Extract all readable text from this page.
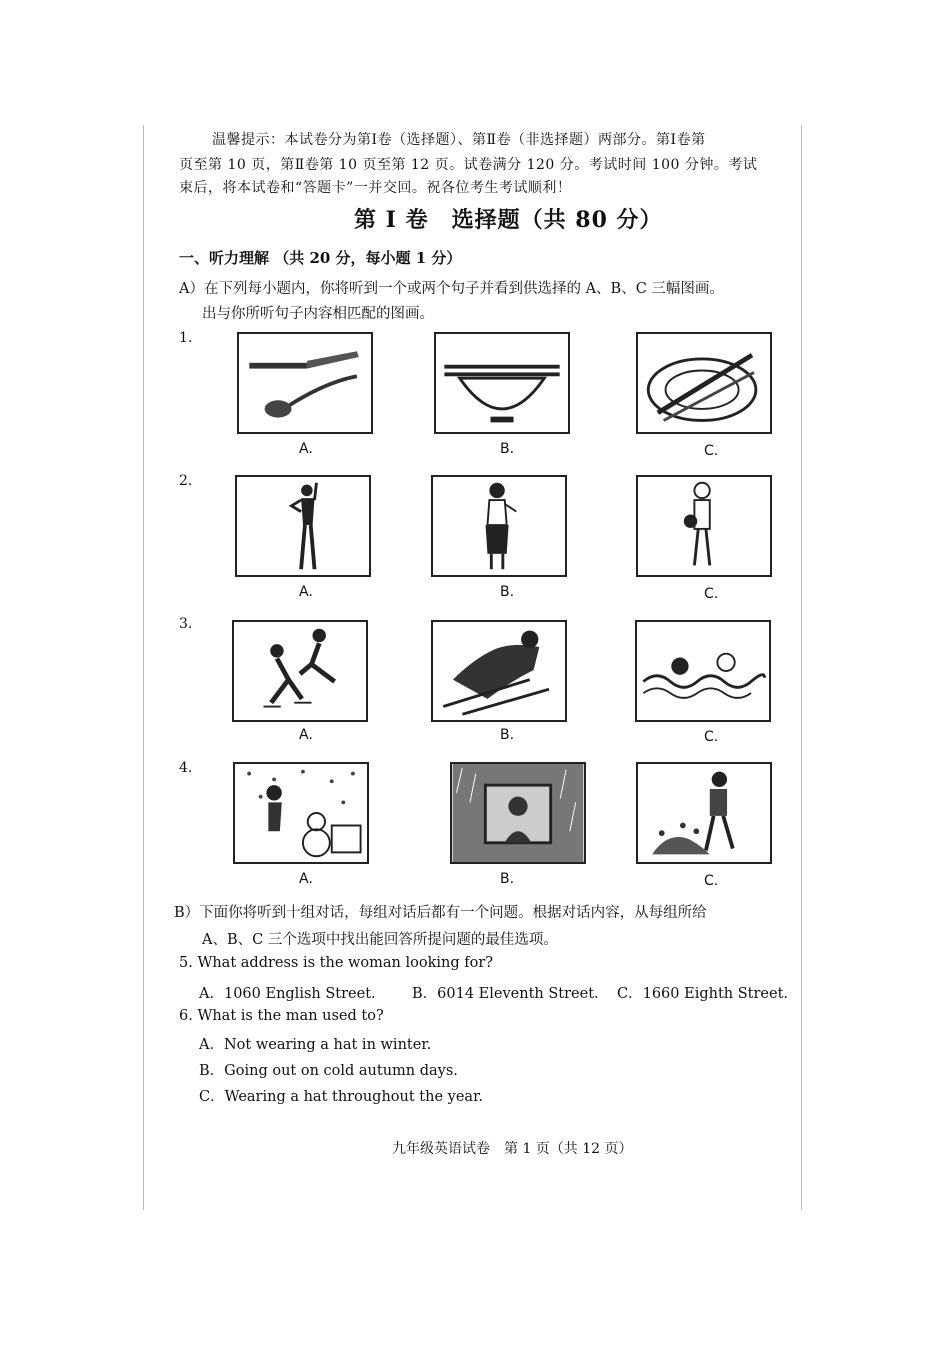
温馨提示：本试卷分为第Ⅰ卷（选择题）、第Ⅱ卷（非选择题）两部分。第Ⅰ卷第
页至第 10 页，第Ⅱ卷第 10 页至第 12 页。试卷满分 120 分。考试时间 100 分钟。考试
束后，将本试卷和“答题卡”一并交回。祝各位考生考试顺利！
第 I 卷　选择题（共 80 分）
一、听力理解 （共 20 分，每小题 1 分）
A）在下列每小题内，你将听到一个或两个句子并看到供选择的 A、B、C 三幅图画。
出与你所听句子内容相匹配的图画。
1.
A.	B.	C.
2.
A.	B.	C.
3.
A.	B.	C.
4.
A.	B.	C.
B）下面你将听到十组对话，每组对话后都有一个问题。根据对话内容，从每组所给
A、B、C 三个选项中找出能回答所提问题的最佳选项。
5. What address is the woman looking for?
A．1060 English Street.	B．6014 Eleventh Street. C．1660 Eighth Street.
6. What is the man used to?
A．Not wearing a hat in winter.
B．Going out on cold autumn days.
C．Wearing a hat throughout the year.
九年级英语试卷　第 1 页（共 12 页）
